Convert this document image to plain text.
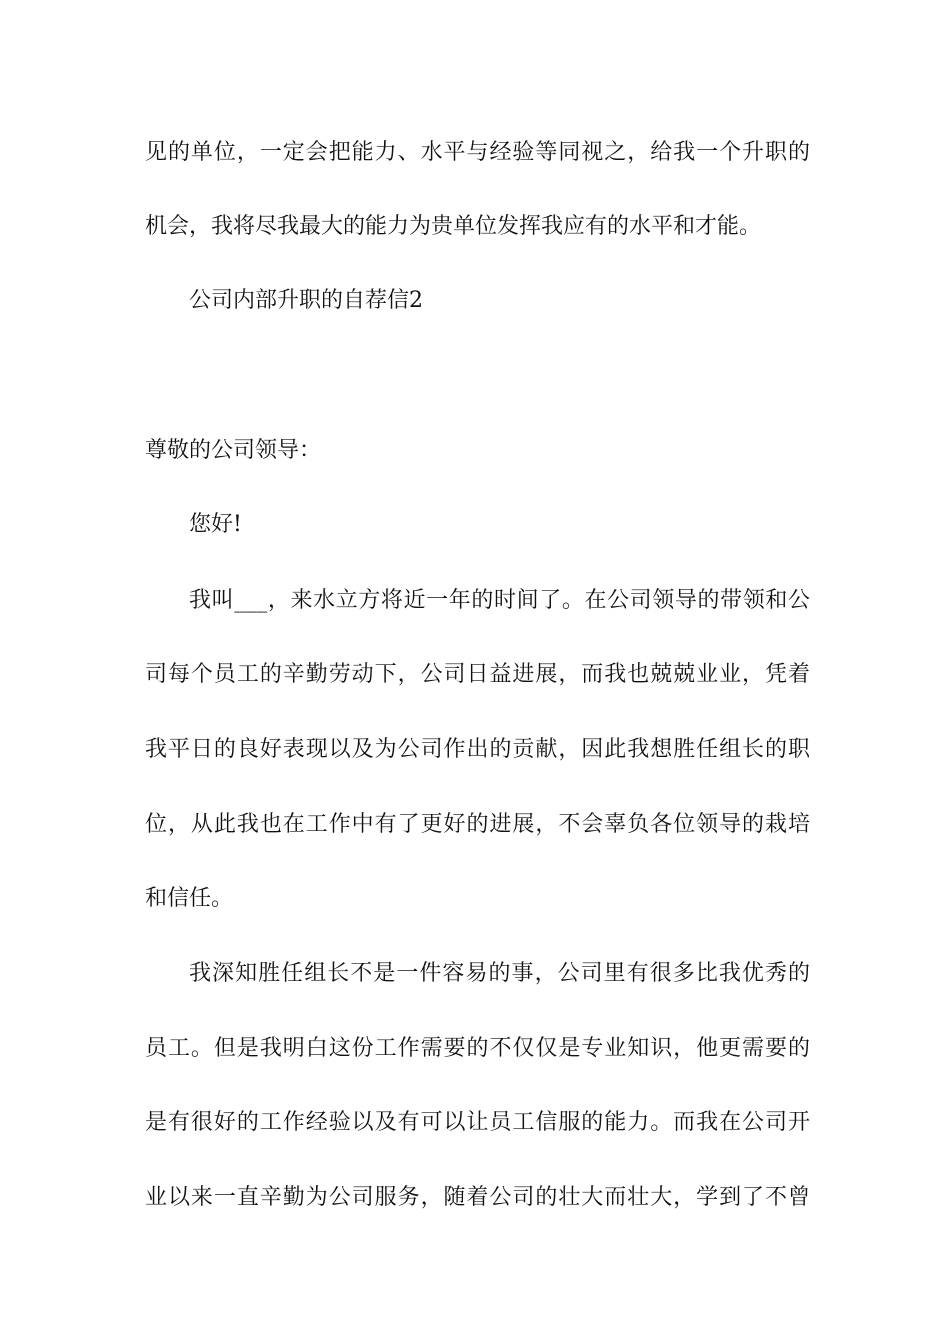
见的单位，一定会把能力、水平与经验等同视之，给我一个升职的
机会，我将尽我最大的能力为贵单位发挥我应有的水平和才能。
公司内部升职的自荐信2
尊敬的公司领导：
您好!
我叫___，来水立方将近一年的时间了。在公司领导的带领和公
司每个员工的辛勤劳动下，公司日益进展，而我也兢兢业业，凭着
我平日的良好表现以及为公司作出的贡献，因此我想胜任组长的职
位，从此我也在工作中有了更好的进展，不会辜负各位领导的栽培
和信任。
我深知胜任组长不是一件容易的事，公司里有很多比我优秀的
员工。但是我明白这份工作需要的不仅仅是专业知识，他更需要的
是有很好的工作经验以及有可以让员工信服的能力。而我在公司开
业以来一直辛勤为公司服务，随着公司的壮大而壮大，学到了不曾
